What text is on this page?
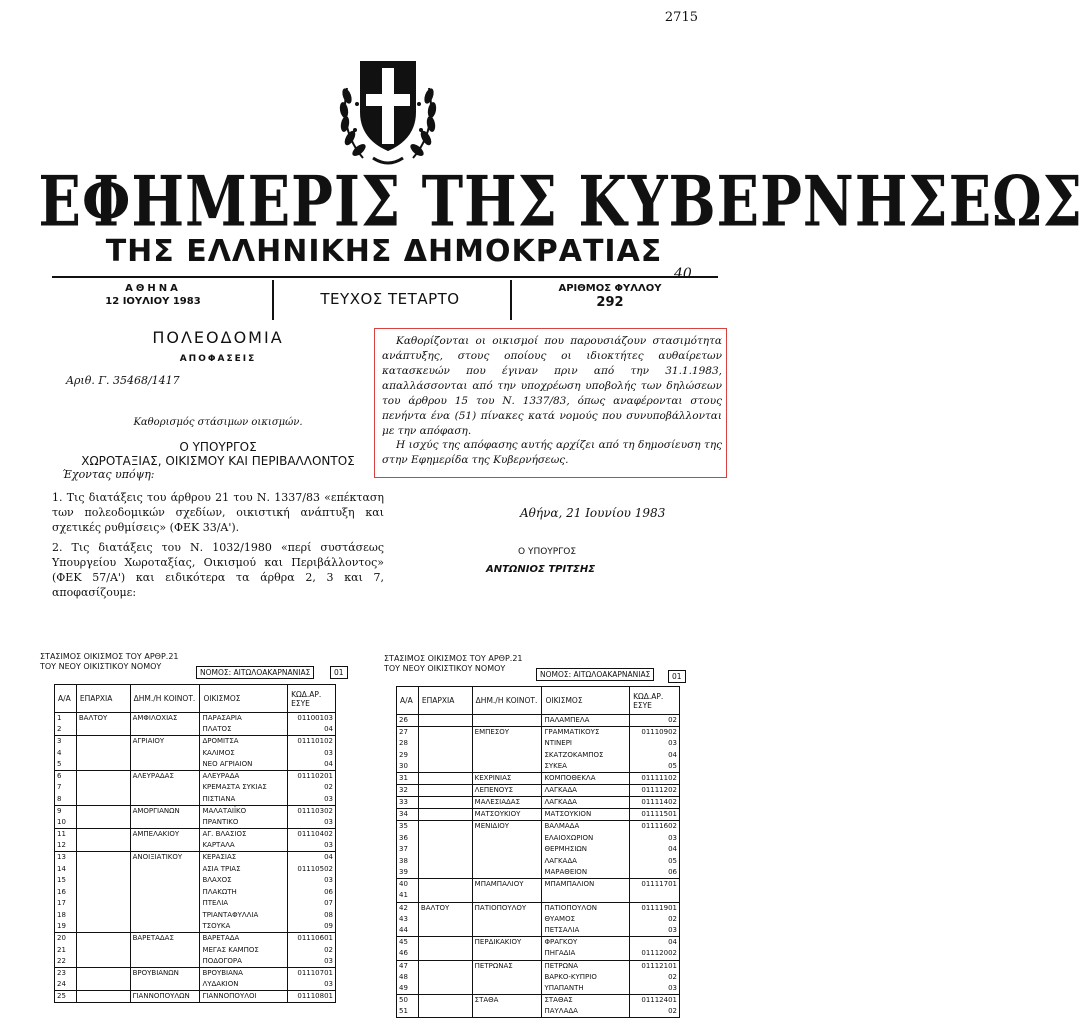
2715
ΕΦΗΜΕΡΙΣ ΤΗΣ ΚΥΒΕΡΝΗΣΕΩΣ
ΤΗΣ ΕΛΛΗΝΙΚΗΣ ΔΗΜΟΚΡΑΤΙΑΣ
ΑΘΗΝΑ
12 ΙΟΥΛΙΟΥ 1983	ΤΕΥΧΟΣ ΤΕΤΑΡΤΟ
ΑΡΙΘΜΟΣ ΦΥΛΛΟΥ
292
40
ΠΟΛΕΟΔΟΜΙΑ
ΑΠΟΦΑΣΕΙΣ
Αριθ. Γ. 35468/1417
Καθορισμός στάσιμων οικισμών.
Ο ΥΠΟΥΡΓΟΣ
ΧΩΡΟΤΑΞΙΑΣ, ΟΙΚΙΣΜΟΥ ΚΑΙ ΠΕΡΙΒΑΛΛΟΝΤΟΣ
Έχοντας υπόψη:
1. Τις διατάξεις του άρθρου 21 του Ν. 1337/83 «επέκταση των πολεοδομικών σχεδίων, οικιστική ανάπτυξη και σχετικές ρυθμίσεις» (ΦΕΚ 33/Α').
2. Τις διατάξεις του Ν. 1032/1980 «περί συστάσεως Υπουργείου Χωροταξίας, Οικισμού και Περιβάλλοντος» (ΦΕΚ 57/Α') και ειδικότερα τα άρθρα 2, 3 και 7, αποφασίζουμε:
Καθορίζονται οι οικισμοί που παρουσιάζουν στασιμότητα ανάπτυξης, στους οποίους οι ιδιοκτήτες αυθαίρετων κατασκευών που έγιναν πριν από την 31.1.1983, απαλλάσσονται από την υποχρέωση υποβολής των δηλώσεων του άρθρου 15 του Ν. 1337/83, όπως αναφέρονται στους πενήντα ένα (51) πίνακες κατά νομούς που συνυποβάλλονται με την απόφαση.
Η ισχύς της απόφασης αυτής αρχίζει από τη δημοσίευση της στην Εφημερίδα της Κυβερνήσεως.
Αθήνα, 21 Ιουνίου 1983
Ο ΥΠΟΥΡΓΟΣ
ΑΝΤΩΝΙΟΣ ΤΡΙΤΣΗΣ
ΣΤΑΣΙΜΟΣ ΟΙΚΙΣΜΟΣ ΤΟΥ ΑΡΘΡ.21
ΤΟΥ ΝΕΟΥ ΟΙΚΙΣΤΙΚΟΥ ΝΟΜΟΥ
ΝΟΜΟΣ: ΑΙΤΩΛΟΑΚΑΡΝΑΝΙΑΣ	01
ΣΤΑΣΙΜΟΣ ΟΙΚΙΣΜΟΣ ΤΟΥ ΑΡΘΡ.21
ΤΟΥ ΝΕΟΥ ΟΙΚΙΣΤΙΚΟΥ ΝΟΜΟΥ
ΝΟΜΟΣ: ΑΙΤΩΛΟΑΚΑΡΝΑΝΙΑΣ	01
Α/Α	ΕΠΑΡΧΙΑ	ΔΗΜ./Η ΚΟΙΝΟΤ.	ΟΙΚΙΣΜΟΣ	ΚΩΔ.ΑΡ. ΕΣΥΕ
1	ΒΑΛΤΟΥ	ΑΜΦΙΛΟΧΙΑΣ	ΠΑΡΑΣΑΡΙΑ	01100103
2			ΠΛΑΤΟΣ	04
3		ΑΓΡΙΑΙΟΥ	ΔΡΟΜΙΤΣΑ	01110102
4			ΚΑΛΙΜΟΣ	03
5			ΝΕΟ ΑΓΡΙΑΙΟΝ	04
6		ΑΛΕΥΡΑΔΑΣ	ΑΛΕΥΡΑΔΑ	01110201
7			ΚΡΕΜΑΣΤΑ ΣΥΚΙΑΣ	02
8			ΠΙΣΤΙΑΝΑ	03
9		ΑΜΟΡΓΙΑΝΩΝ	ΜΑΛΑΤΑΙΪΚΟ	01110302
10			ΠΡΑΝΤΙΚΟ	03
11		ΑΜΠΕΛΑΚΙΟΥ	ΑΓ. ΒΛΑΣΙΟΣ	01110402
12			ΚΑΡΤΑΛΑ	03
13		ΑΝΟΙΞΙΑΤΙΚΟΥ	ΚΕΡΑΣΙΑΣ	04
14			ΑΣΙΑ ΤΡΙΑΣ	01110502
15			ΒΛΑΧΟΣ	03
16			ΠΛΑΚΩΤΗ	06
17			ΠΤΕΛΙΑ	07
18			ΤΡΙΑΝΤΑΦΥΛΛΙΑ	08
19			ΤΣΟΥΚΑ	09
20		ΒΑΡΕΤΑΔΑΣ	ΒΑΡΕΤΑΔΑ	01110601
21			ΜΕΓΑΣ ΚΑΜΠΟΣ	02
22			ΠΟΔΟΓΟΡΑ	03
23		ΒΡΟΥΒΙΑΝΩΝ	ΒΡΟΥΒΙΑΝΑ	01110701
24			ΛΥΔΑΚΙΟΝ	03
25		ΓΙΑΝΝΟΠΟΥΛΩΝ	ΓΙΑΝΝΟΠΟΥΛΟΙ	01110801
Α/Α	ΕΠΑΡΧΙΑ	ΔΗΜ./Η ΚΟΙΝΟΤ.	ΟΙΚΙΣΜΟΣ	ΚΩΔ.ΑΡ. ΕΣΥΕ
26			ΠΑΛΑΜΠΕΛΑ	02
27		ΕΜΠΕΣΟΥ	ΓΡΑΜΜΑΤΙΚΟΥΣ	01110902
28			ΝΤΙΝΕΡΙ	03
29			ΣΚΑΤΖΟΚΑΜΠΟΣ	04
30			ΣΥΚΕΑ	05
31		ΚΕΧΡΙΝΙΑΣ	ΚΟΜΠΟΘΕΚΛΑ	01111102
32		ΛΕΠΕΝΟΥΣ	ΛΑΓΚΑΔΑ	01111202
33		ΜΑΛΕΣΙΑΔΑΣ	ΛΑΓΚΑΔΑ	01111402
34		ΜΑΤΣΟΥΚΙΟΥ	ΜΑΤΣΟΥΚΙΟΝ	01111501
35		ΜΕΝΙΔΙΟΥ	ΒΑΛΜΑΔΑ	01111602
36			ΕΛΑΙΟΧΩΡΙΟΝ	03
37			ΘΕΡΜΗΣΙΩΝ	04
38			ΛΑΓΚΑΔΑ	05
39			ΜΑΡΑΘΕΙΟΝ	06
40		ΜΠΑΜΠΑΛΙΟΥ	ΜΠΑΜΠΑΛΙΟΝ	01111701
41				
42	ΒΑΛΤΟΥ	ΠΑΤΙΟΠΟΥΛΟΥ	ΠΑΤΙΟΠΟΥΛΟΝ	01111901
43			ΘΥΑΜΟΣ	02
44			ΠΕΤΣΑΛΙΑ	03
45		ΠΕΡΔΙΚΑΚΙΟΥ	ΦΡΑΓΚΟΥ	04
46			ΠΗΓΑΔΙΑ	01112002
47		ΠΕΤΡΩΝΑΣ	ΠΕΤΡΩΝΑ	01112101
48			ΒΑΡΚΟ-ΚΥΠΡΙΟ	02
49			ΥΠΑΠΑΝΤΗ	03
50		ΣΤΑΘΑ	ΣΤΑΘΑΣ	01112401
51			ΠΑΥΛΑΔΑ	02
